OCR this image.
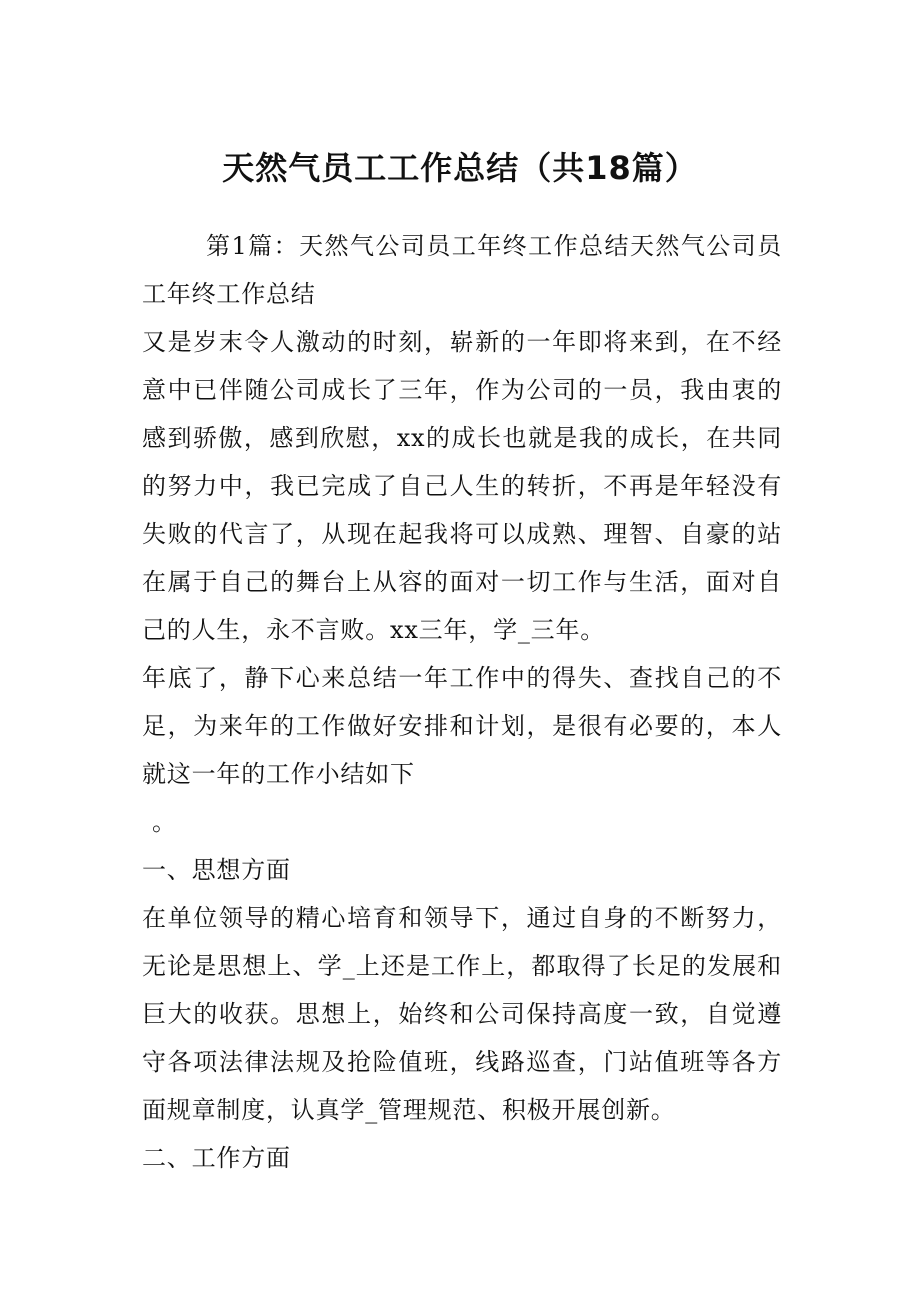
天然气员工工作总结（共18篇）

第1篇：天然气公司员工年终工作总结天然气公司员工年终工作总结

又是岁末令人激动的时刻，崭新的一年即将来到，在不经意中已伴随公司成长了三年，作为公司的一员，我由衷的感到骄傲，感到欣慰，xx的成长也就是我的成长，在共同的努力中，我已完成了自己人生的转折，不再是年轻没有失败的代言了，从现在起我将可以成熟、理智、自豪的站在属于自己的舞台上从容的面对一切工作与生活，面对自己的人生，永不言败。xx三年，学_三年。

年底了，静下心来总结一年工作中的得失、查找自己的不足，为来年的工作做好安排和计划，是很有必要的，本人就这一年的工作小结如下

。

一、思想方面

在单位领导的精心培育和领导下，通过自身的不断努力，无论是思想上、学_上还是工作上，都取得了长足的发展和巨大的收获。思想上，始终和公司保持高度一致，自觉遵守各项法律法规及抢险值班，线路巡查，门站值班等各方面规章制度，认真学_管理规范、积极开展创新。

二、工作方面
